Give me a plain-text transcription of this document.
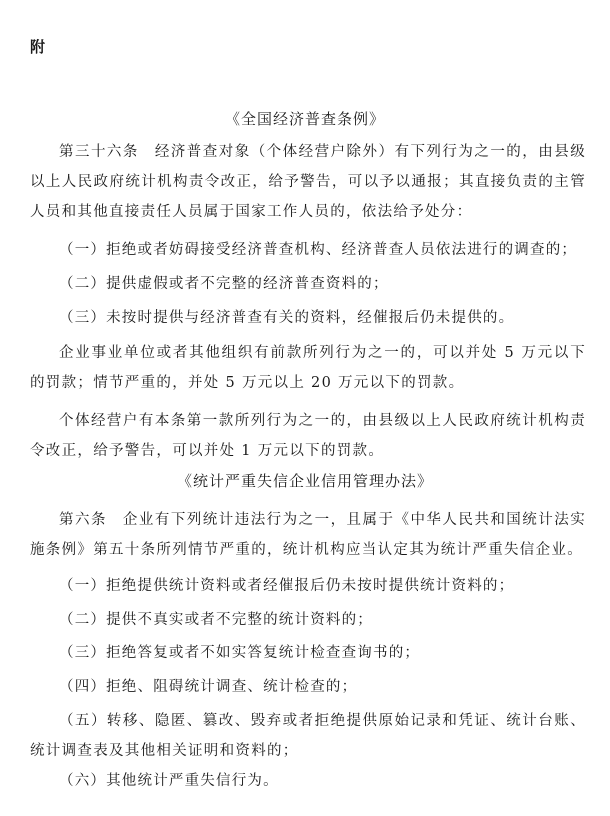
附
《全国经济普查条例》
第三十六条　经济普查对象（个体经营户除外）有下列行为之一的，由县级以上人民政府统计机构责令改正，给予警告，可以予以通报；其直接负责的主管人员和其他直接责任人员属于国家工作人员的，依法给予处分：
（一）拒绝或者妨碍接受经济普查机构、经济普查人员依法进行的调查的；
（二）提供虚假或者不完整的经济普查资料的；
（三）未按时提供与经济普查有关的资料，经催报后仍未提供的。
企业事业单位或者其他组织有前款所列行为之一的，可以并处 5 万元以下的罚款；情节严重的，并处 5 万元以上 20 万元以下的罚款。
个体经营户有本条第一款所列行为之一的，由县级以上人民政府统计机构责令改正，给予警告，可以并处 1 万元以下的罚款。
《统计严重失信企业信用管理办法》
第六条　企业有下列统计违法行为之一，且属于《中华人民共和国统计法实施条例》第五十条所列情节严重的，统计机构应当认定其为统计严重失信企业。
（一）拒绝提供统计资料或者经催报后仍未按时提供统计资料的；
（二）提供不真实或者不完整的统计资料的；
（三）拒绝答复或者不如实答复统计检查查询书的；
（四）拒绝、阻碍统计调查、统计检查的；
（五）转移、隐匿、篡改、毁弃或者拒绝提供原始记录和凭证、统计台账、统计调查表及其他相关证明和资料的；
（六）其他统计严重失信行为。
